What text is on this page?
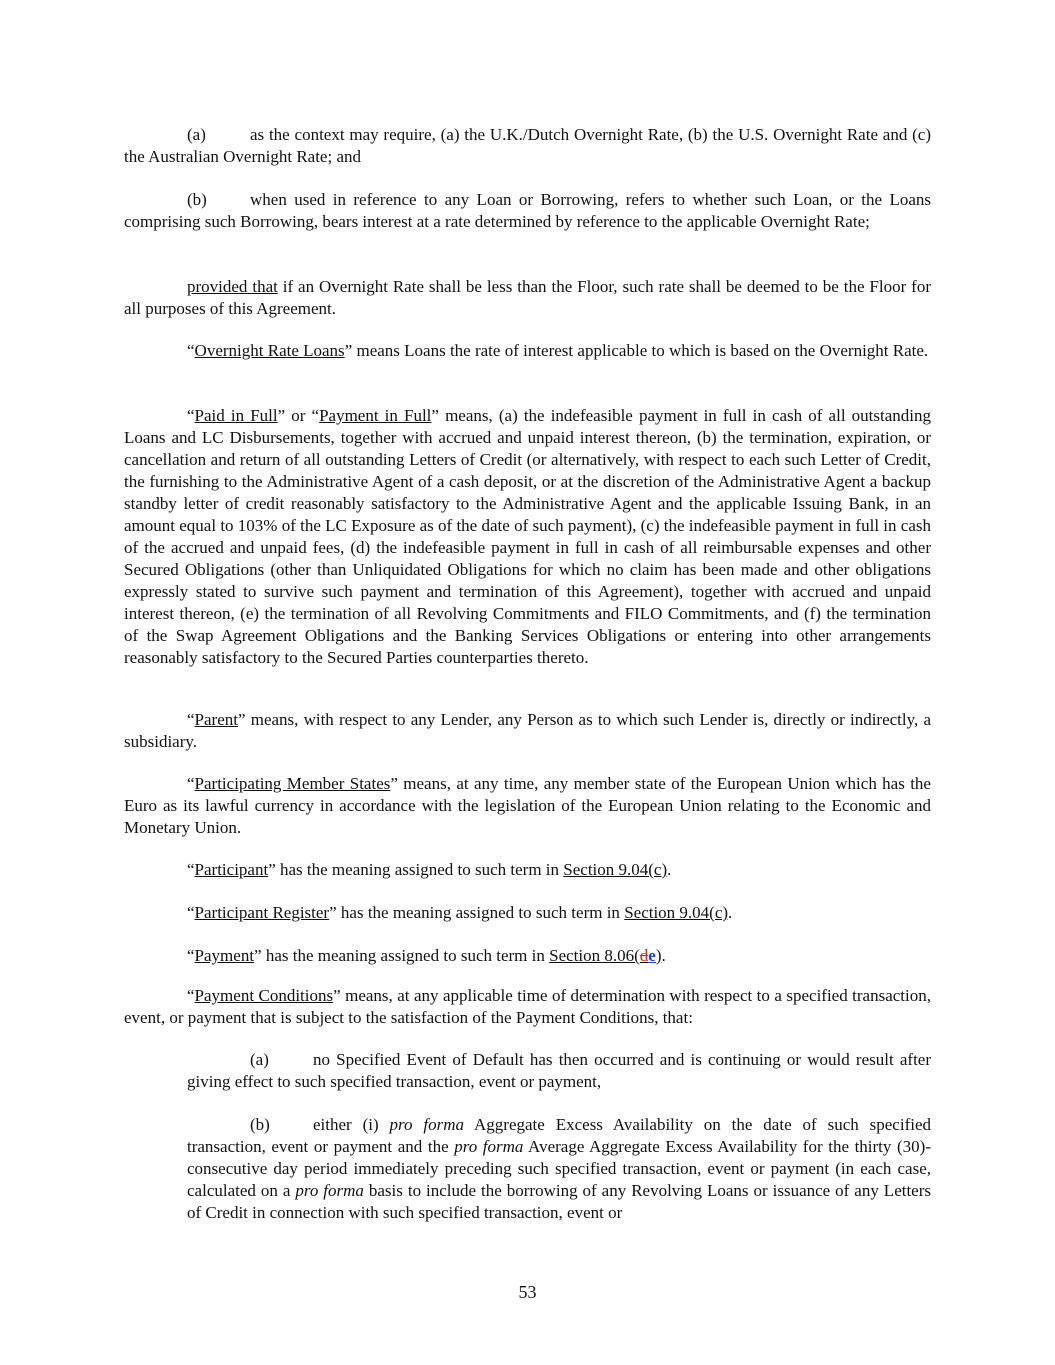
(a)	as the context may require, (a) the U.K./Dutch Overnight Rate, (b) the U.S. Overnight Rate and (c) the Australian Overnight Rate; and

(b)	when used in reference to any Loan or Borrowing, refers to whether such Loan, or the Loans comprising such Borrowing, bears interest at a rate determined by reference to the applicable Overnight Rate;

provided that if an Overnight Rate shall be less than the Floor, such rate shall be deemed to be the Floor for all purposes of this Agreement.

“Overnight Rate Loans” means Loans the rate of interest applicable to which is based on the Overnight Rate.

“Paid in Full” or “Payment in Full” means, (a) the indefeasible payment in full in cash of all outstanding Loans and LC Disbursements, together with accrued and unpaid interest thereon, (b) the termination, expiration, or cancellation and return of all outstanding Letters of Credit (or alternatively, with respect to each such Letter of Credit, the furnishing to the Administrative Agent of a cash deposit, or at the discretion of the Administrative Agent a backup standby letter of credit reasonably satisfactory to the Administrative Agent and the applicable Issuing Bank, in an amount equal to 103% of the LC Exposure as of the date of such payment), (c) the indefeasible payment in full in cash of the accrued and unpaid fees, (d) the indefeasible payment in full in cash of all reimbursable expenses and other Secured Obligations (other than Unliquidated Obligations for which no claim has been made and other obligations expressly stated to survive such payment and termination of this Agreement), together with accrued and unpaid interest thereon, (e) the termination of all Revolving Commitments and FILO Commitments, and (f) the termination of the Swap Agreement Obligations and the Banking Services Obligations or entering into other arrangements reasonably satisfactory to the Secured Parties counterparties thereto.

“Parent” means, with respect to any Lender, any Person as to which such Lender is, directly or indirectly, a subsidiary.

“Participating Member States” means, at any time, any member state of the European Union which has the Euro as its lawful currency in accordance with the legislation of the European Union relating to the Economic and Monetary Union.

“Participant” has the meaning assigned to such term in Section 9.04(c).

“Participant Register” has the meaning assigned to such term in Section 9.04(c).

“Payment” has the meaning assigned to such term in Section 8.06(de).

“Payment Conditions” means, at any applicable time of determination with respect to a specified transaction, event, or payment that is subject to the satisfaction of the Payment Conditions, that:

(a)	no Specified Event of Default has then occurred and is continuing or would result after giving effect to such specified transaction, event or payment,

(b)	either (i) pro forma Aggregate Excess Availability on the date of such specified transaction, event or payment and the pro forma Average Aggregate Excess Availability for the thirty (30)-consecutive day period immediately preceding such specified transaction, event or payment (in each case, calculated on a pro forma basis to include the borrowing of any Revolving Loans or issuance of any Letters of Credit in connection with such specified transaction, event or

53
